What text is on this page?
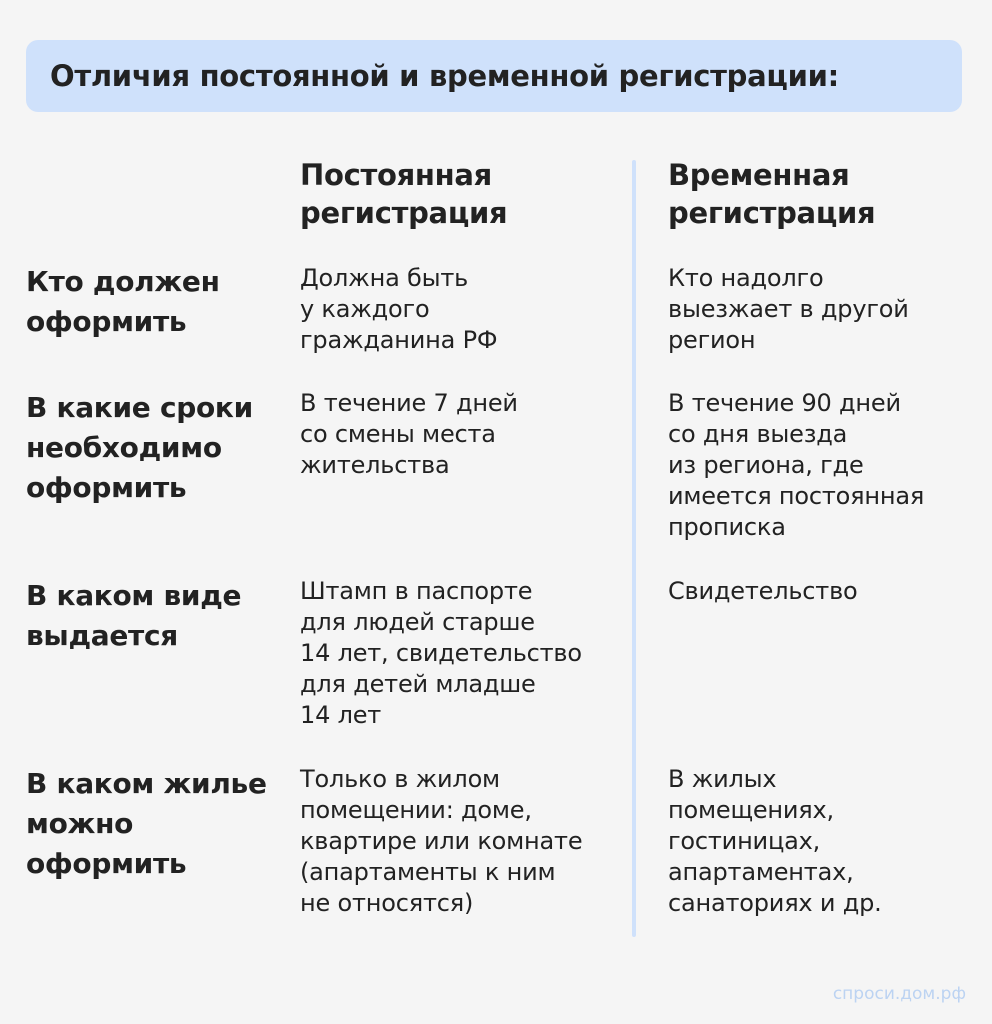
Отличия постоянной и временной регистрации:
Постоянная
регистрация
Временная
регистрация
Кто должен оформить
Должна быть
у каждого
гражданина РФ
Кто надолго
выезжает в другой
регион
В какие сроки необходимо оформить
В течение 7 дней
со смены места
жительства
В течение 90 дней
со дня выезда
из региона, где
имеется постоянная
прописка
В каком виде выдается
Штамп в паспорте
для людей старше
14 лет, свидетельство
для детей младше
14 лет
Свидетельство
В каком жилье можно оформить
Только в жилом
помещении: доме,
квартире или комнате
(апартаменты к ним
не относятся)
В жилых
помещениях,
гостиницах,
апартаментах,
санаториях и др.
спроси.дом.рф
